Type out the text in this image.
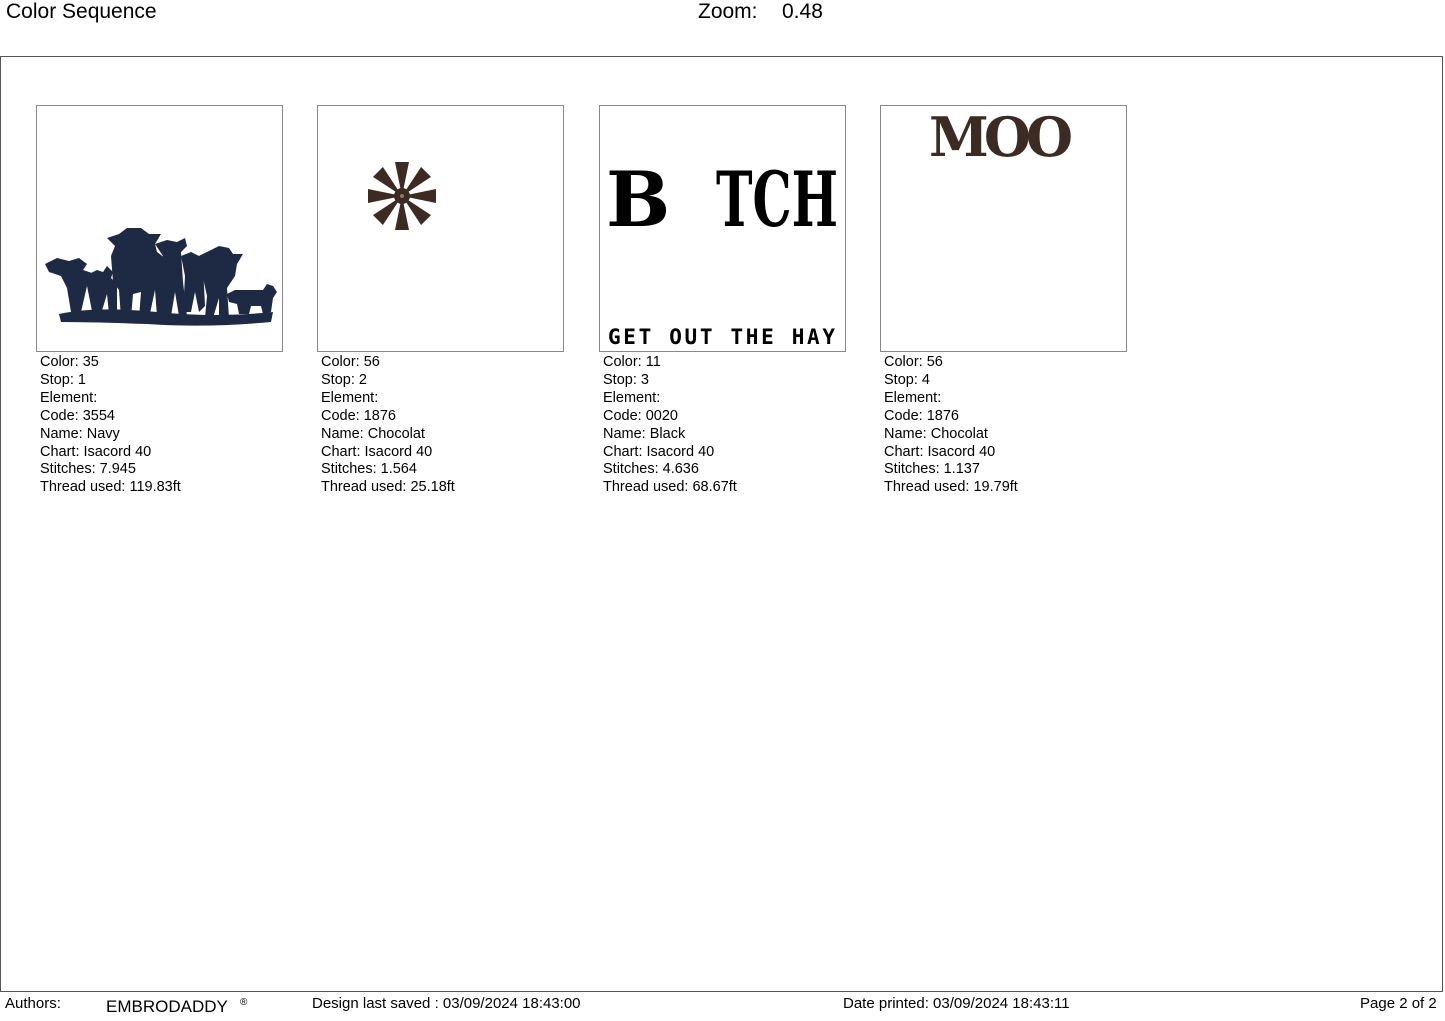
Color Sequence	Zoom: 0.48
Color: 35
Stop: 1
Element:
Code: 3554
Name: Navy
Chart: Isacord 40
Stitches: 7.945
Thread used: 119.83ft
Color: 56
Stop: 2
Element:
Code: 1876
Name: Chocolat
Chart: Isacord 40
Stitches: 1.564
Thread used: 25.18ft
B TCH
GET OUT THE HAY
Color: 11
Stop: 3
Element:
Code: 0020
Name: Black
Chart: Isacord 40
Stitches: 4.636
Thread used: 68.67ft
MOO
Color: 56
Stop: 4
Element:
Code: 1876
Name: Chocolat
Chart: Isacord 40
Stitches: 1.137
Thread used: 19.79ft
Authors:	EMBRODADDY ®	Design last saved : 03/09/2024 18:43:00	Date printed: 03/09/2024 18:43:11	Page 2 of 2
